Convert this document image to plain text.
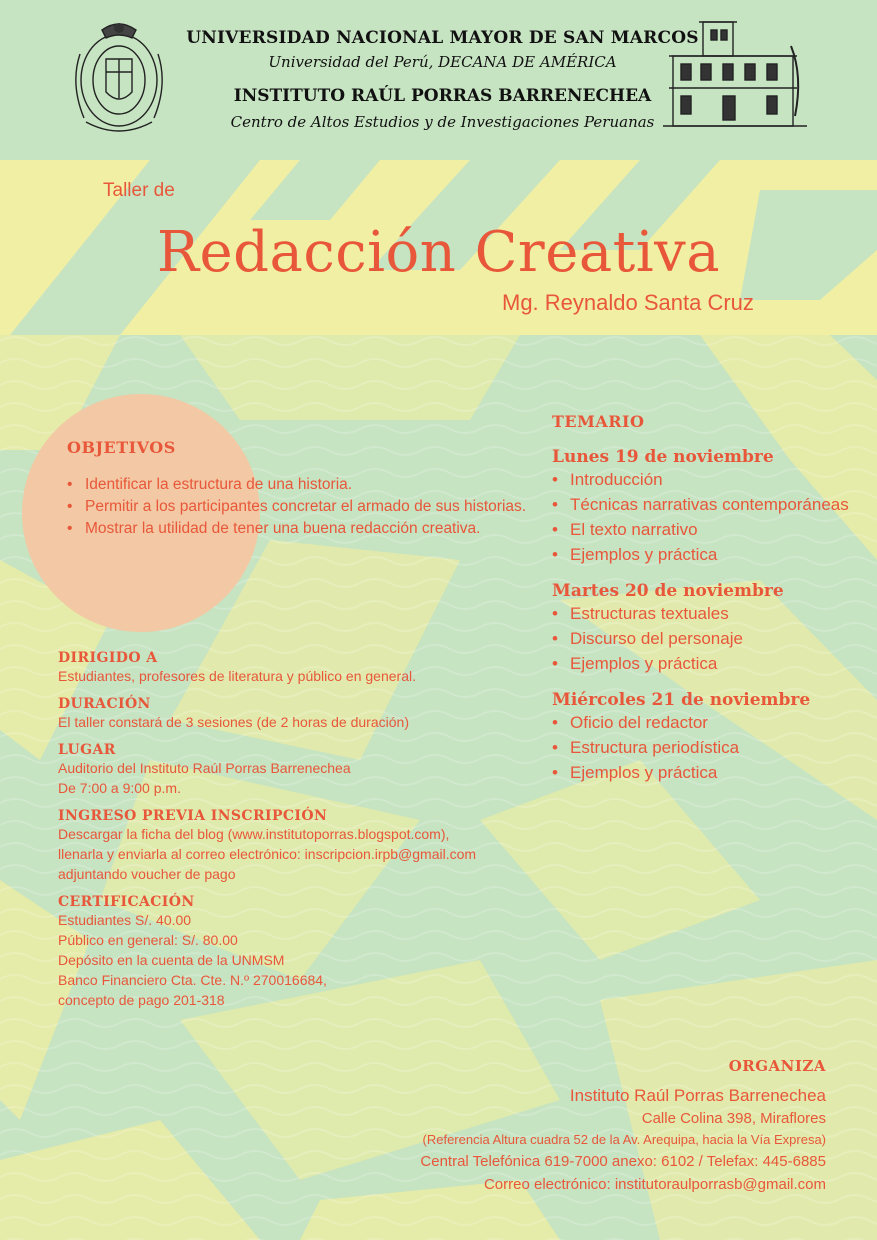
UNIVERSIDAD NACIONAL MAYOR DE SAN MARCOS
Universidad del Perú, DECANA DE AMÉRICA
INSTITUTO RAÚL PORRAS BARRENECHEA
Centro de Altos Estudios y de Investigaciones Peruanas
Taller de
Redacción Creativa
Mg. Reynaldo Santa Cruz
OBJETIVOS
• Identificar la estructura de una historia.
• Permitir a los participantes concretar el armado de sus historias.
• Mostrar la utilidad de tener una buena redacción creativa.
DIRIGIDO A
Estudiantes, profesores de literatura y público en general.
DURACIÓN
El taller constará de 3 sesiones (de 2 horas de duración)
LUGAR
Auditorio del Instituto Raúl Porras Barrenechea
De 7:00 a 9:00 p.m.
INGRESO PREVIA INSCRIPCIÓN
Descargar la ficha del blog (www.institutoporras.blogspot.com),
llenarla y enviarla al correo electrónico: inscripcion.irpb@gmail.com
adjuntando voucher de pago
CERTIFICACIÓN
Estudiantes S/. 40.00
Público en general: S/. 80.00
Depósito en la cuenta de la UNMSM
Banco Financiero Cta. Cte. N.º 270016684,
concepto de pago 201-318
TEMARIO
Lunes 19 de noviembre
• Introducción
• Técnicas narrativas contemporáneas
• El texto narrativo
• Ejemplos y práctica
Martes 20 de noviembre
• Estructuras textuales
• Discurso del personaje
• Ejemplos y práctica
Miércoles 21 de noviembre
• Oficio del redactor
• Estructura periodística
• Ejemplos y práctica
ORGANIZA
Instituto Raúl Porras Barrenechea
Calle Colina 398, Miraflores
(Referencia Altura cuadra 52 de la Av. Arequipa, hacia la Vía Expresa)
Central Telefónica 619-7000 anexo: 6102 / Telefax: 445-6885
Correo electrónico: institutoraulporrasb@gmail.com
